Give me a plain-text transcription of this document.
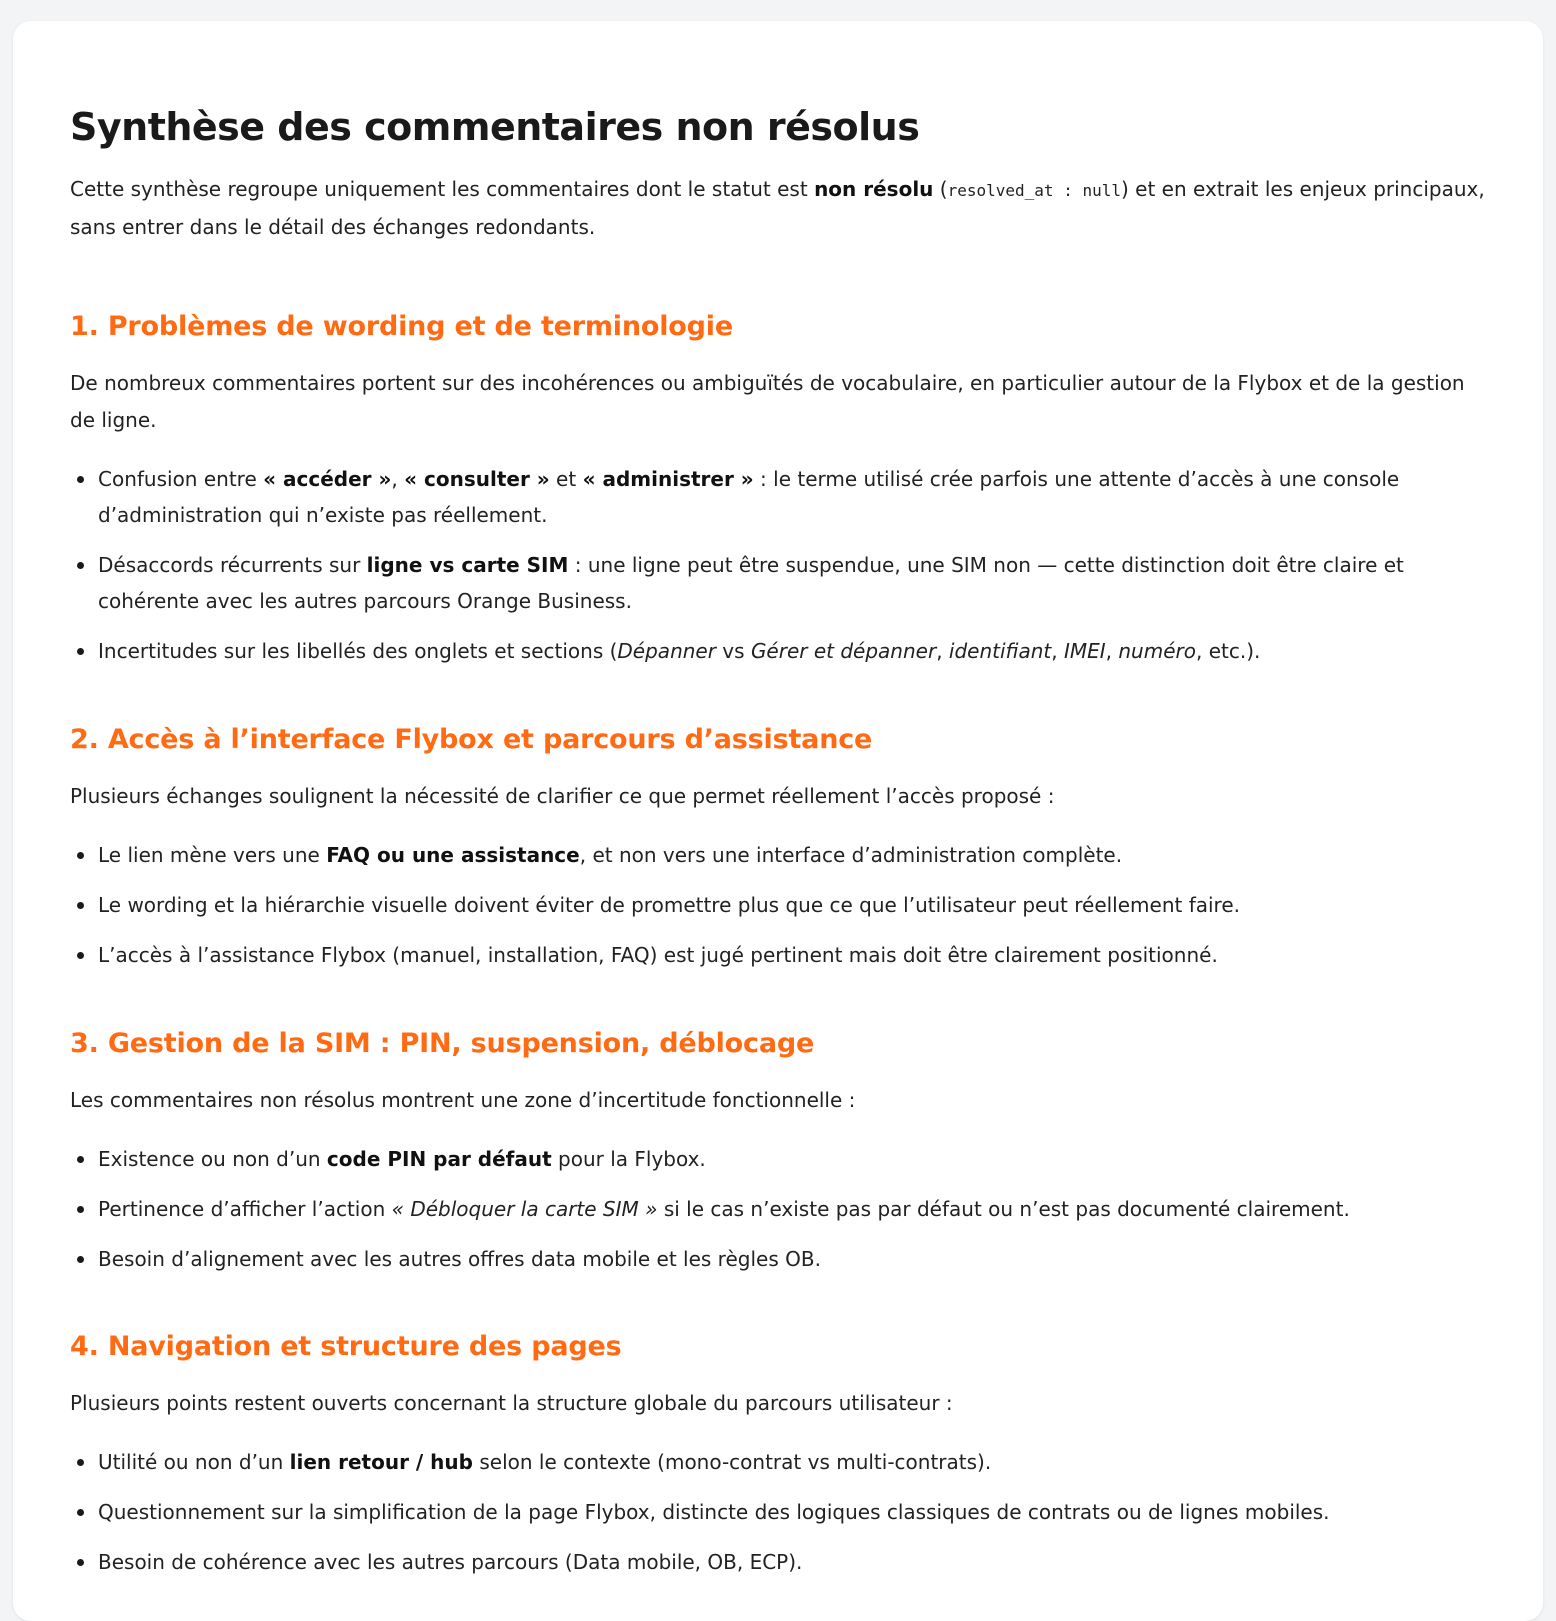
Synthèse des commentaires non résolus

Cette synthèse regroupe uniquement les commentaires dont le statut est non résolu (resolved_at : null) et en extrait les enjeux principaux, sans entrer dans le détail des échanges redondants.

1. Problèmes de wording et de terminologie

De nombreux commentaires portent sur des incohérences ou ambiguïtés de vocabulaire, en particulier autour de la Flybox et de la gestion de ligne.

Confusion entre « accéder », « consulter » et « administrer » : le terme utilisé crée parfois une attente d’accès à une console d’administration qui n’existe pas réellement.
Désaccords récurrents sur ligne vs carte SIM : une ligne peut être suspendue, une SIM non — cette distinction doit être claire et cohérente avec les autres parcours Orange Business.
Incertitudes sur les libellés des onglets et sections (Dépanner vs Gérer et dépanner, identifiant, IMEI, numéro, etc.).
2. Accès à l’interface Flybox et parcours d’assistance

Plusieurs échanges soulignent la nécessité de clarifier ce que permet réellement l’accès proposé :

Le lien mène vers une FAQ ou une assistance, et non vers une interface d’administration complète.
Le wording et la hiérarchie visuelle doivent éviter de promettre plus que ce que l’utilisateur peut réellement faire.
L’accès à l’assistance Flybox (manuel, installation, FAQ) est jugé pertinent mais doit être clairement positionné.
3. Gestion de la SIM : PIN, suspension, déblocage

Les commentaires non résolus montrent une zone d’incertitude fonctionnelle :

Existence ou non d’un code PIN par défaut pour la Flybox.
Pertinence d’afficher l’action « Débloquer la carte SIM » si le cas n’existe pas par défaut ou n’est pas documenté clairement.
Besoin d’alignement avec les autres offres data mobile et les règles OB.
4. Navigation et structure des pages

Plusieurs points restent ouverts concernant la structure globale du parcours utilisateur :

Utilité ou non d’un lien retour / hub selon le contexte (mono-contrat vs multi-contrats).
Questionnement sur la simplification de la page Flybox, distincte des logiques classiques de contrats ou de lignes mobiles.
Besoin de cohérence avec les autres parcours (Data mobile, OB, ECP).
